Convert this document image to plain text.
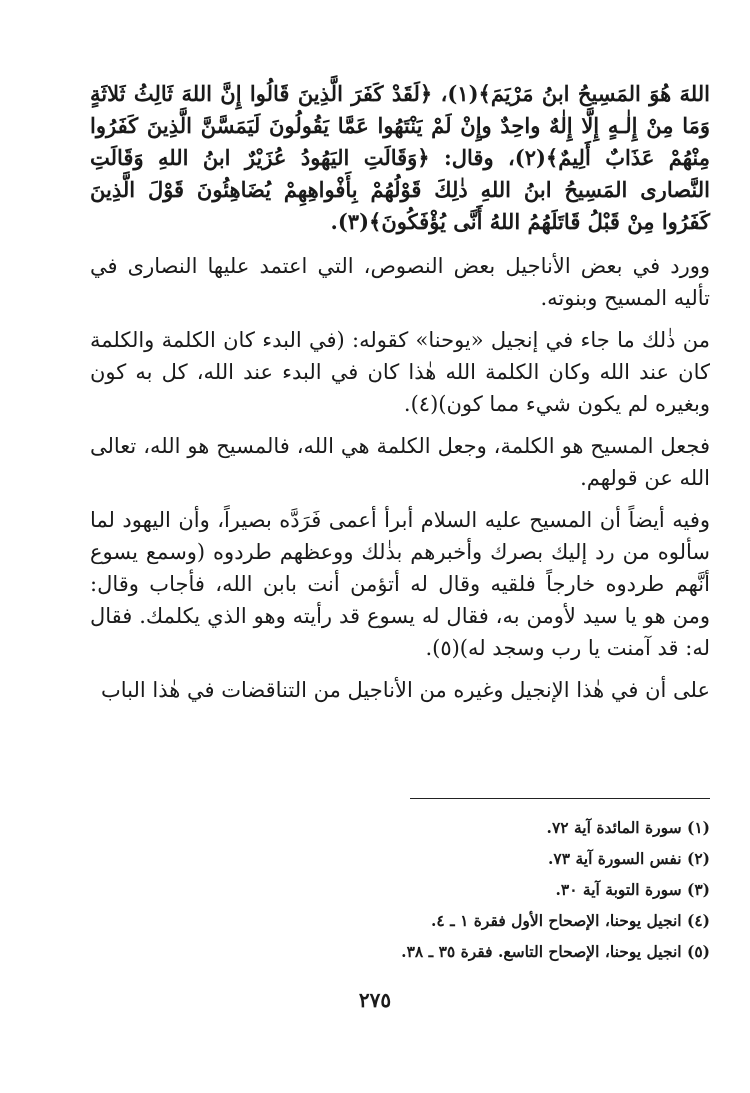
اللهَ هُوَ المَسِيحُ ابنُ مَرْيَمَ﴾(١)، ﴿لَقَدْ كَفَرَ الَّذِينَ قَالُوا إِنَّ اللهَ ثَالِثُ ثَلاثَةٍ وَمَا مِنْ إِلٰـهٍ إِلَّا إِلٰهٌ واحِدٌ وإِنْ لَمْ يَنْتَهُوا عَمَّا يَقُولُونَ لَيَمَسَّنَّ الَّذِينَ كَفَرُوا مِنْهُمْ عَذَابٌ أَلِيمٌ﴾(٢)، وقال: ﴿وَقَالَتِ اليَهُودُ عُزَيْرٌ ابنُ اللهِ وَقَالَتِ النَّصارى المَسِيحُ ابنُ اللهِ ذٰلِكَ قَوْلُهُمْ بِأَفْواهِهِمْ يُضَاهِئُونَ قَوْلَ الَّذِينَ كَفَرُوا مِنْ قَبْلُ قَاتَلَهُمُ اللهُ أَنَّى يُؤْفَكُونَ﴾(٣).

وورد في بعض الأناجيل بعض النصوص، التي اعتمد عليها النصارى في تأليه المسيح وبنوته.

من ذٰلك ما جاء في إنجيل «يوحنا» كقوله: (في البدء كان الكلمة والكلمة كان عند الله وكان الكلمة الله هٰذا كان في البدء عند الله، كل به كون وبغيره لم يكون شيء مما كون)(٤).

فجعل المسيح هو الكلمة، وجعل الكلمة هي الله، فالمسيح هو الله، تعالى الله عن قولهم.

وفيه أيضاً أن المسيح عليه السلام أبرأ أعمى فَرَدَّه بصيراً، وأن اليهود لما سألوه من رد إليك بصرك وأخبرهم بذٰلك ووعظهم طردوه (وسمع يسوع أنَّهم طردوه خارجاً فلقيه وقال له أتؤمن أنت بابن الله، فأجاب وقال: ومن هو يا سيد لأومن به، فقال له يسوع قد رأيته وهو الذي يكلمك. فقال له: قد آمنت يا رب وسجد له)(٥).

على أن في هٰذا الإنجيل وغيره من الأناجيل من التناقضات في هٰذا الباب

(١) سورة المائدة آية ٧٢.
(٢) نفس السورة آية ٧٣.
(٣) سورة التوبة آية ٣٠.
(٤) انجيل يوحنا، الإصحاح الأول فقرة ١ ـ ٤.
(٥) انجيل يوحنا، الإصحاح التاسع. فقرة ٣٥ ـ ٣٨.
٢٧٥
